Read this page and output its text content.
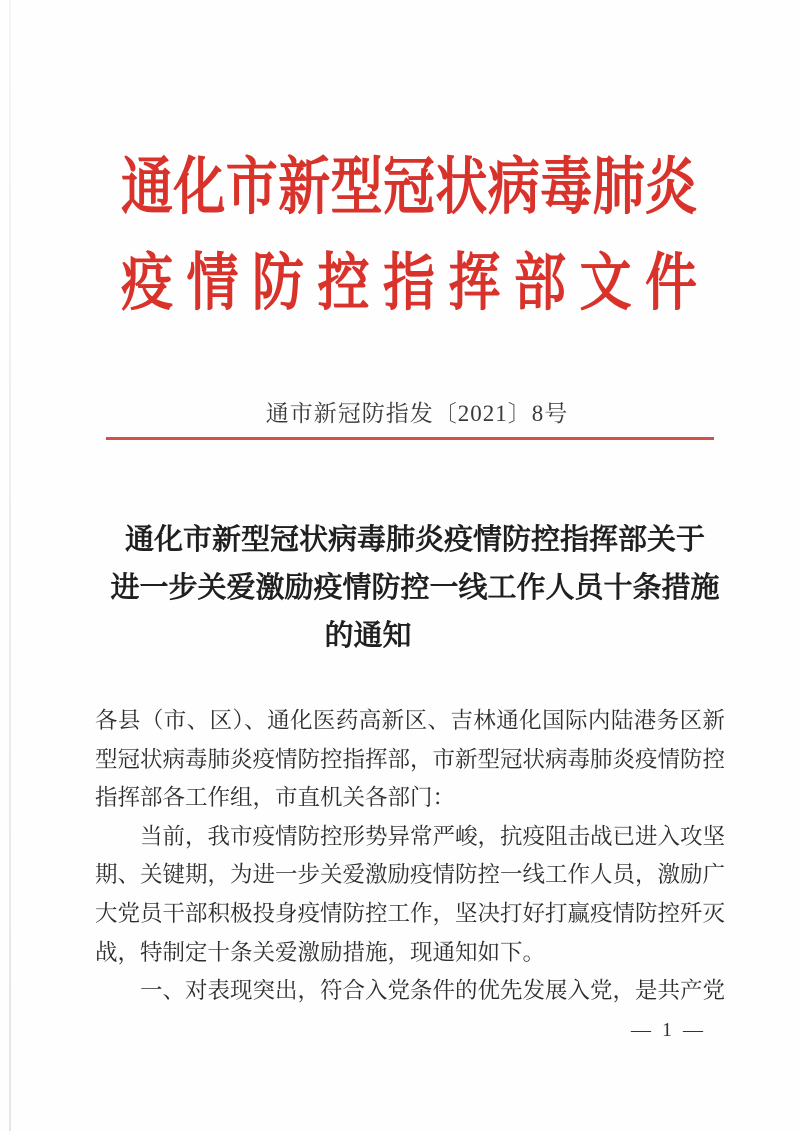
通化市新型冠状病毒肺炎
疫情防控指挥部文件
通市新冠防指发〔2021〕8号
通化市新型冠状病毒肺炎疫情防控指挥部关于
进一步关爱激励疫情防控一线工作人员十条措施
的通知

各县（市、区）、通化医药高新区、吉林通化国际内陆港务区新型冠状病毒肺炎疫情防控指挥部，市新型冠状病毒肺炎疫情防控指挥部各工作组，市直机关各部门：

当前，我市疫情防控形势异常严峻，抗疫阻击战已进入攻坚期、关键期，为进一步关爱激励疫情防控一线工作人员，激励广大党员干部积极投身疫情防控工作，坚决打好打赢疫情防控歼灭战，特制定十条关爱激励措施，现通知如下。

一、对表现突出，符合入党条件的优先发展入党，是共产党

— 1 —
